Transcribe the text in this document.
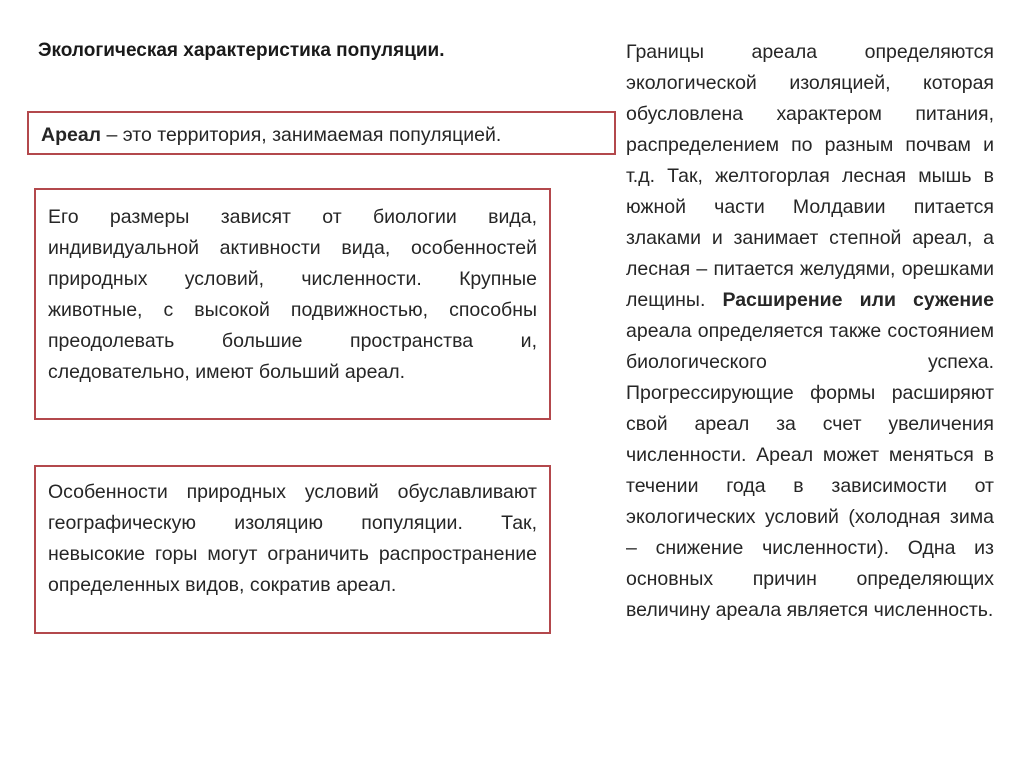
Экологическая характеристика популяции.
Ареал – это территория, занимаемая популяцией.
Его размеры зависят от биологии вида, индивидуальной активности вида, особенностей природных условий, численности. Крупные животные, с высокой подвижностью, способны преодолевать большие пространства и, следовательно, имеют больший ареал.
Особенности природных условий обуславливают географическую изоляцию популяции. Так, невысокие горы могут ограничить распространение определенных видов, сократив ареал.
Границы ареала определяются экологической изоляцией, которая обусловлена характером питания, распределением по разным почвам и т.д. Так, желтогорлая лесная мышь в южной части Молдавии питается злаками и занимает степной ареал, а лесная – питается желудями, орешками лещины. Расширение или сужение ареала определяется также состоянием биологического успеха. Прогрессирующие формы расширяют свой ареал за счет увеличения численности. Ареал может меняться в течении года в зависимости от экологических условий (холодная зима – снижение численности). Одна из основных причин определяющих величину ареала является численность.
